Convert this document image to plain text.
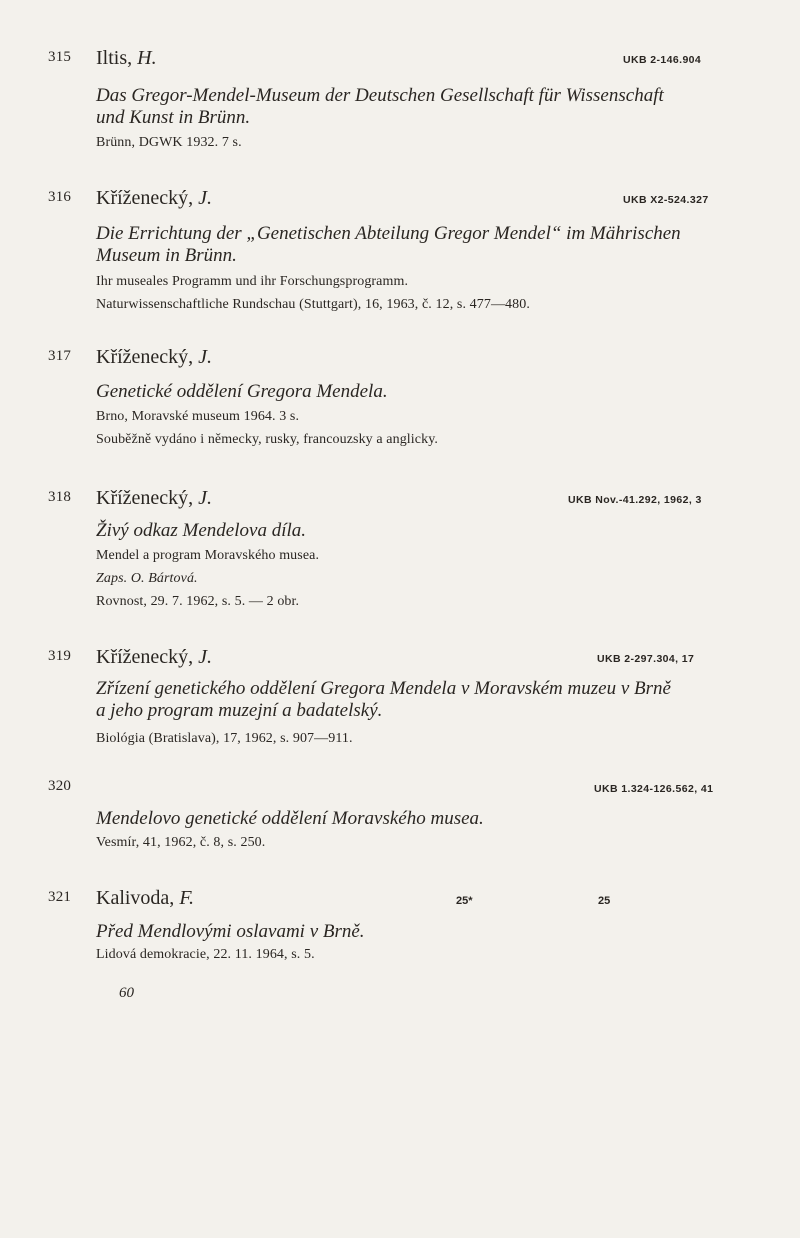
315 Iltis, H.	UKB 2-146.904
Das Gregor-Mendel-Museum der Deutschen Gesellschaft für Wissenschaft
und Kunst in Brünn.
Brünn, DGWK 1932. 7 s.
316 Kříženecký, J.	UKB X2-524.327
Die Errichtung der „Genetischen Abteilung Gregor Mendel“ im Mährischen
Museum in Brünn.
Ihr museales Programm und ihr Forschungsprogramm.
Naturwissenschaftliche Rundschau (Stuttgart), 16, 1963, č. 12, s. 477—480.
317 Kříženecký, J.
Genetické oddělení Gregora Mendela.
Brno, Moravské museum 1964. 3 s.
Souběžně vydáno i německy, rusky, francouzsky a anglicky.
318 Kříženecký, J.	UKB Nov.-41.292, 1962, 3
Živý odkaz Mendelova díla.
Mendel a program Moravského musea.
Zaps. O. Bártová.
Rovnost, 29. 7. 1962, s. 5. — 2 obr.
319 Kříženecký, J.	UKB 2-297.304, 17
Zřízení genetického oddělení Gregora Mendela v Moravském muzeu v Brně
a jeho program muzejní a badatelský.
Biológia (Bratislava), 17, 1962, s. 907—911.
320	UKB 1.324-126.562, 41
Mendelovo genetické oddělení Moravského musea.
Vesmír, 41, 1962, č. 8, s. 250.
321 Kalivoda, F.	25*	25
Před Mendlovými oslavami v Brně.
Lidová demokracie, 22. 11. 1964, s. 5.
60
